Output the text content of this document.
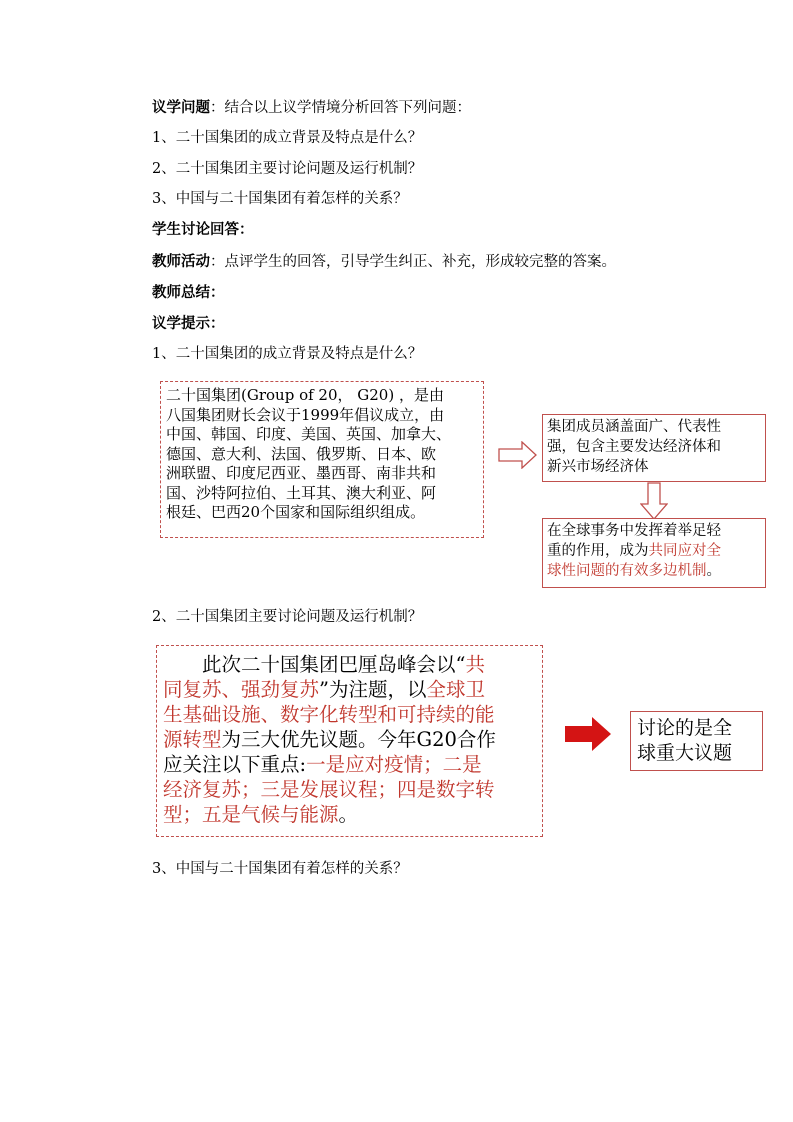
议学问题：结合以上议学情境分析回答下列问题：
1、二十国集团的成立背景及特点是什么？
2、二十国集团主要讨论问题及运行机制？
3、中国与二十国集团有着怎样的关系？
学生讨论回答：
教师活动：点评学生的回答，引导学生纠正、补充，形成较完整的答案。
教师总结：
议学提示：
1、二十国集团的成立背景及特点是什么？
二十国集团(Group of 20， G20) ，是由
八国集团财长会议于1999年倡议成立，由
中国、韩国、印度、美国、英国、加拿大、
德国、意大利、法国、俄罗斯、日本、欧
洲联盟、印度尼西亚、墨西哥、南非共和
国、沙特阿拉伯、土耳其、澳大利亚、阿
根廷、巴西20个国家和国际组织组成。
集团成员涵盖面广、代表性
强，包含主要发达经济体和
新兴市场经济体
在全球事务中发挥着举足轻
重的作用，成为共同应对全
球性问题的有效多边机制。
2、二十国集团主要讨论问题及运行机制？
　　此次二十国集团巴厘岛峰会以“共
同复苏、强劲复苏”为注题，以全球卫
生基础设施、数字化转型和可持续的能
源转型为三大优先议题。今年G20合作
应关注以下重点:一是应对疫情；二是
经济复苏；三是发展议程；四是数字转
型；五是气候与能源。
讨论的是全
球重大议题
3、中国与二十国集团有着怎样的关系？
